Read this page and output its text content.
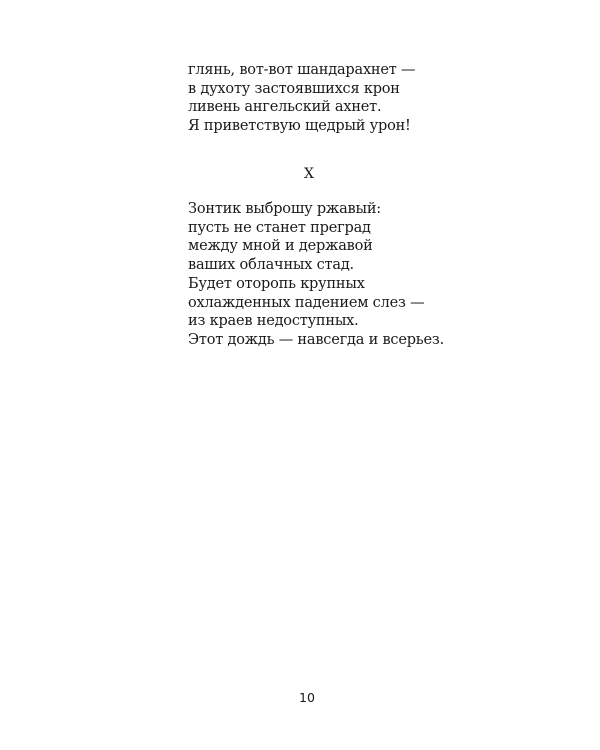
глянь, вот-вот шандарахнет —
в духоту застоявшихся крон
ливень ангельский ахнет.
Я приветствую щедрый урон!
X
Зонтик выброшу ржавый:
пусть не станет преград
между мной и державой
ваших облачных стад.
Будет оторопь крупных
охлажденных падением слез —
из краев недоступных.
Этот дождь — навсегда и всерьез.
10
